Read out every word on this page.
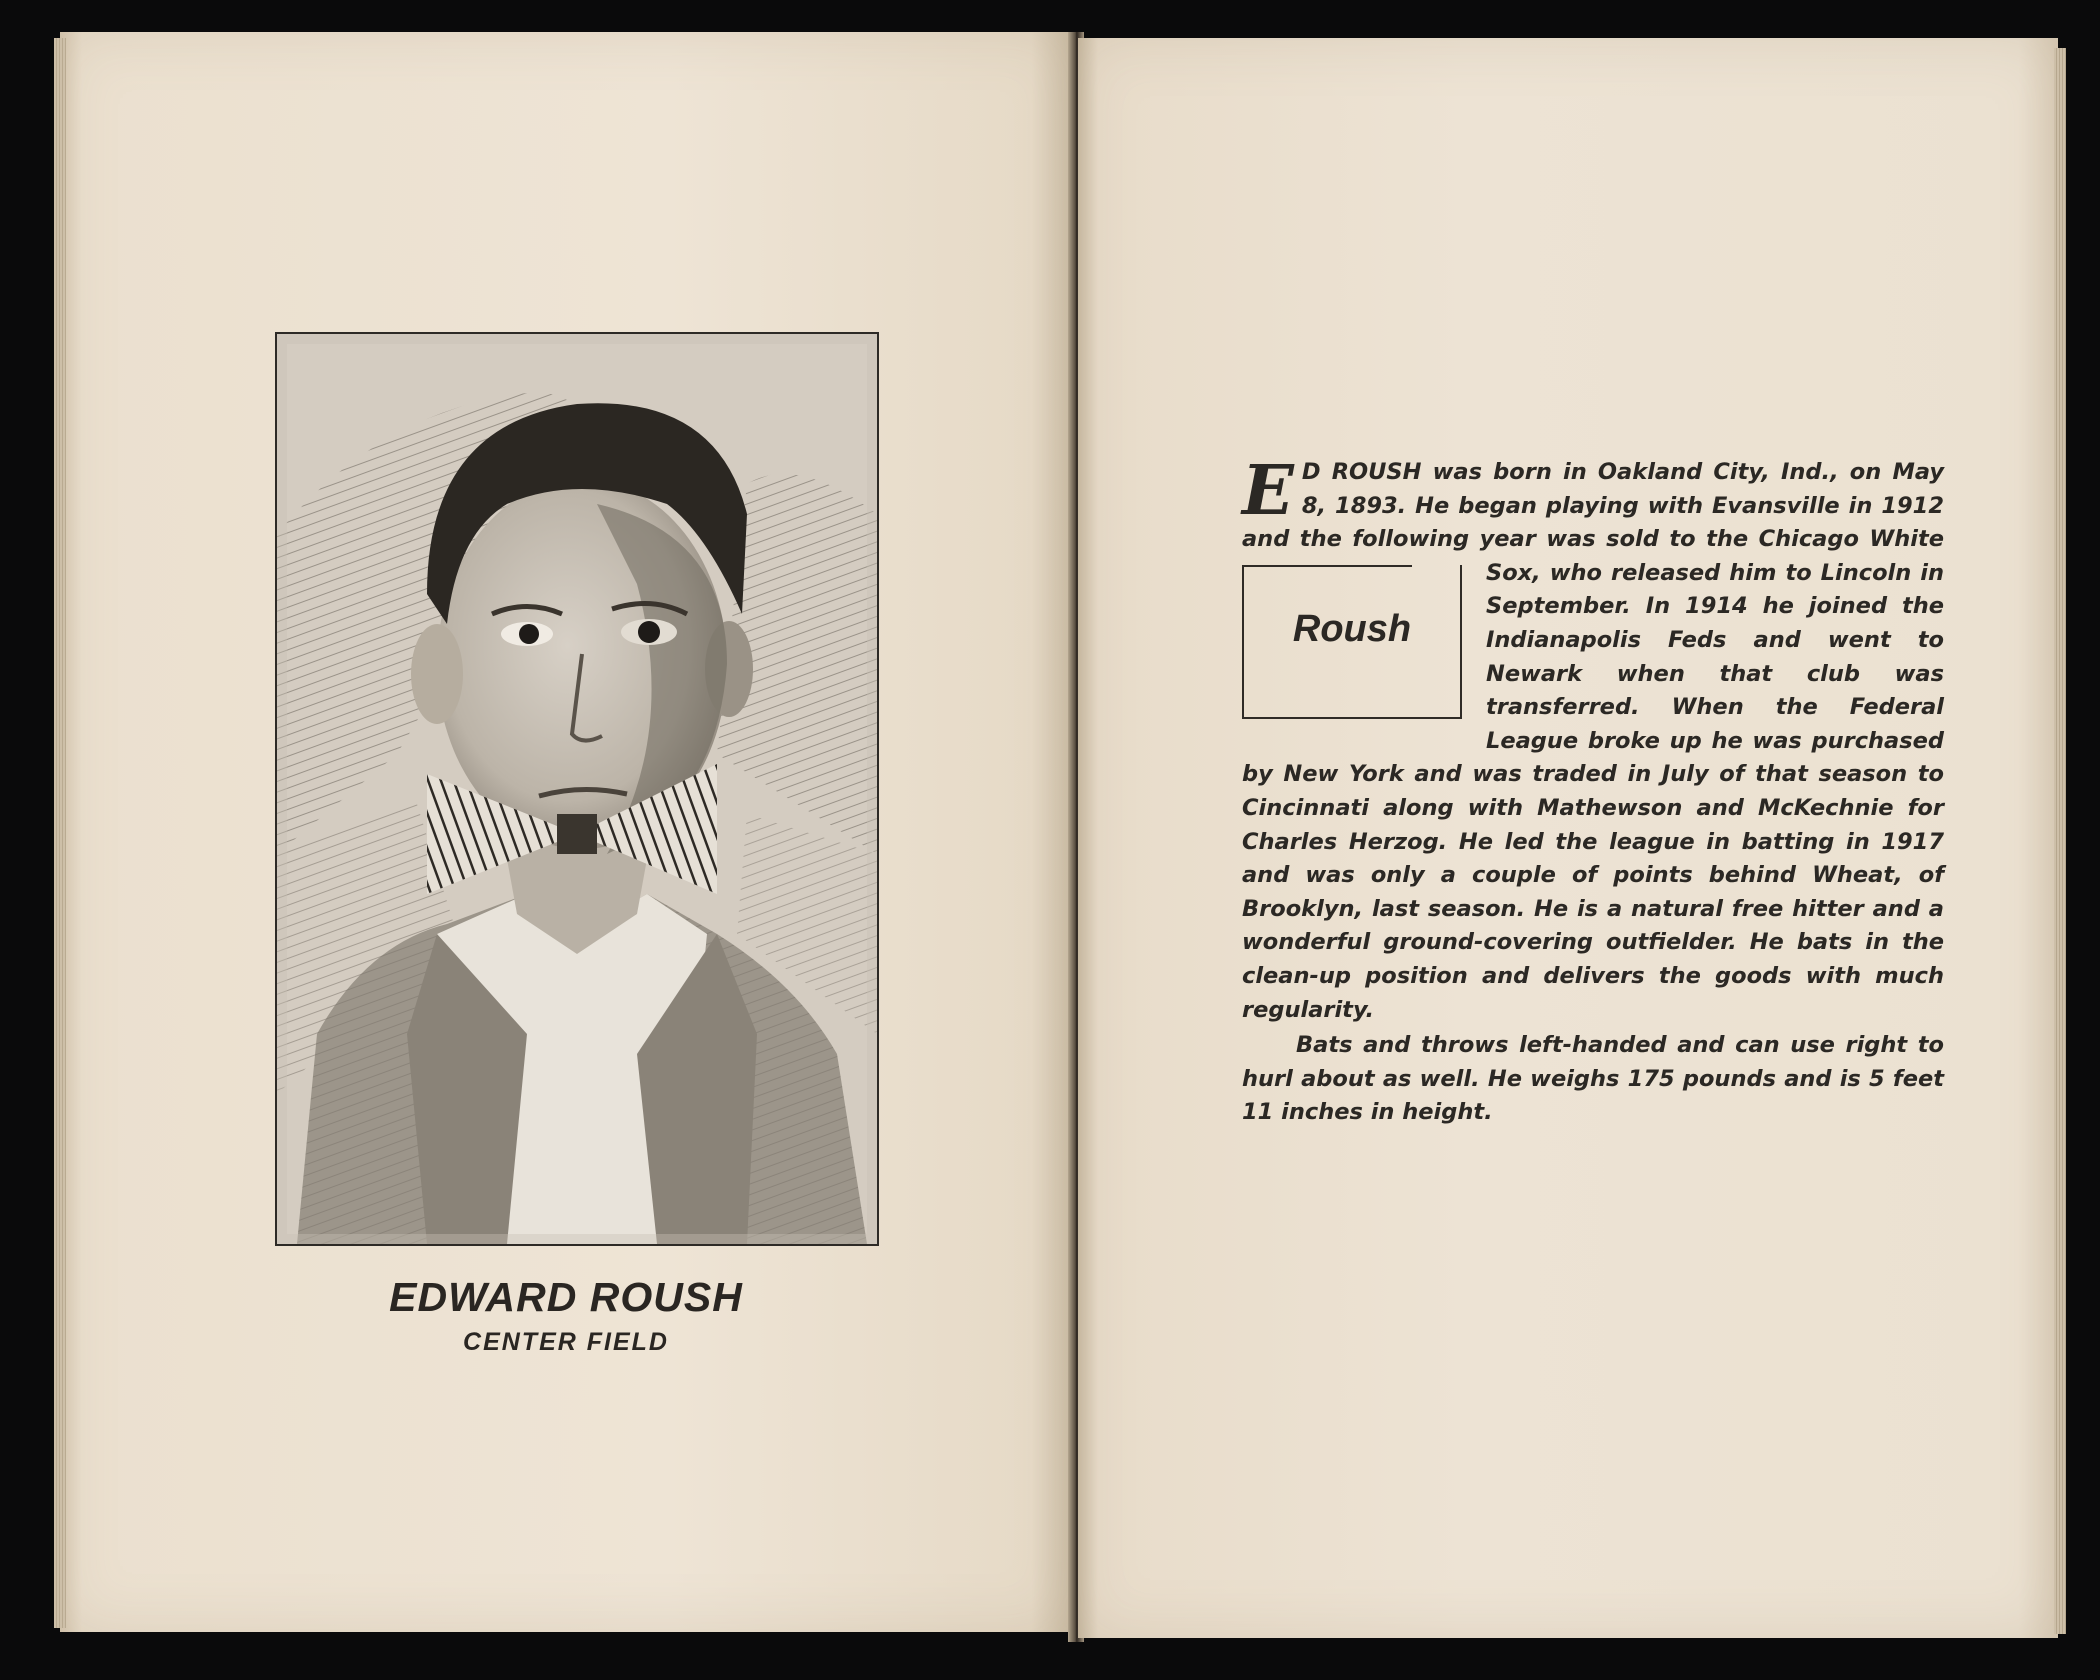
EDWARD ROUSH
CENTER FIELD

E D ROUSH was born in Oakland City, Ind., on May 8, 1893. He began playing with Evansville in 1912 and the following year was sold to the Chicago White Sox, who released
Roush
him to Lincoln in September. In 1914 he joined the Indianapolis Feds and went to Newark when that club was transferred. When the Federal League broke up he was purchased by New York and was traded in July of that season to Cincinnati along with Mathewson and McKechnie for Charles Herzog. He led the league in batting in 1917 and was only a couple of points behind Wheat, of Brooklyn, last season. He is a natural free hitter and a wonderful ground-covering outfielder. He bats in the clean-up position and delivers the goods with much regularity.

Bats and throws left-handed and can use right to hurl about as well. He weighs 175 pounds and is 5 feet 11 inches in height.
